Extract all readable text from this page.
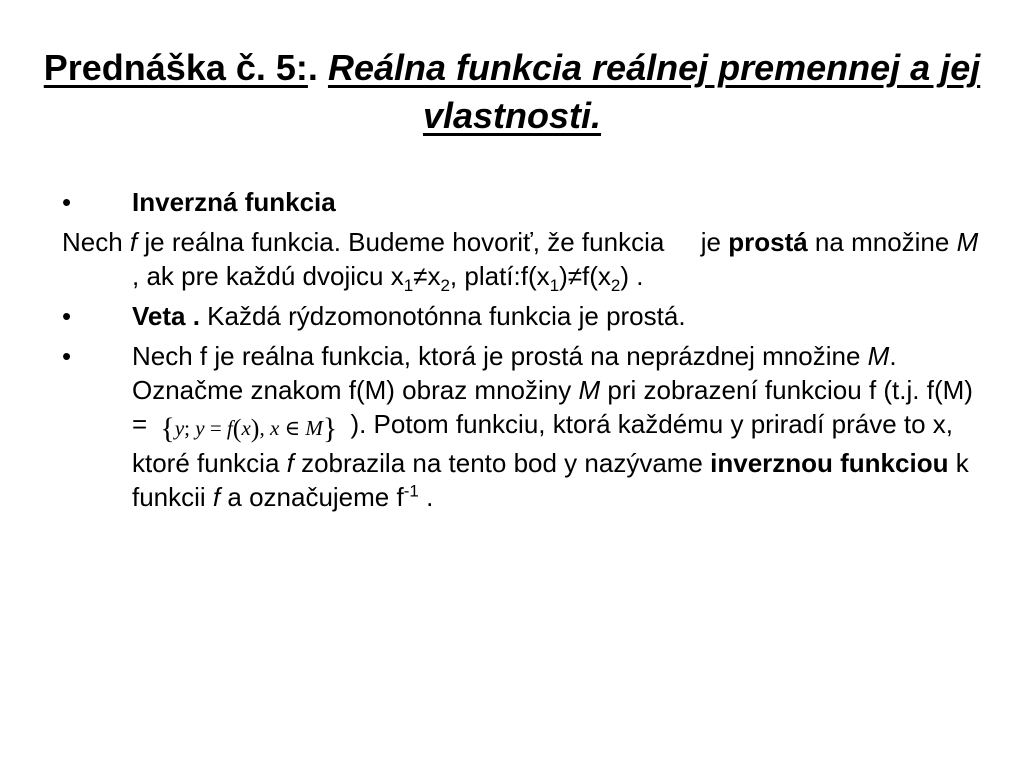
Prednáška č. 5:. Reálna funkcia reálnej premennej a jej vlastnosti.
• Inverzná funkcia
Nech f je reálna funkcia. Budeme hovoriť, že funkcia  je prostá na množine M , ak pre každú dvojicu $x_1\ne x_2$, $platí:f(x_1)\ne f(x_2)$ .
• Veta . Každá rýdzomonotónna funkcia je prostá.
• Nech f je reálna funkcia, ktorá je prostá na neprázdnej množine M. Označme znakom f(M) obraz množiny M pri zobrazení funkciou f (t.j. f(M) = {y; y = f(x), x ∈ M} ). Potom funkciu, ktorá každému y priradí práve to x, ktoré funkcia f zobrazila na tento bod y nazývame inverznou funkciou k funkcii f a označujeme $f^{-1}$ .
